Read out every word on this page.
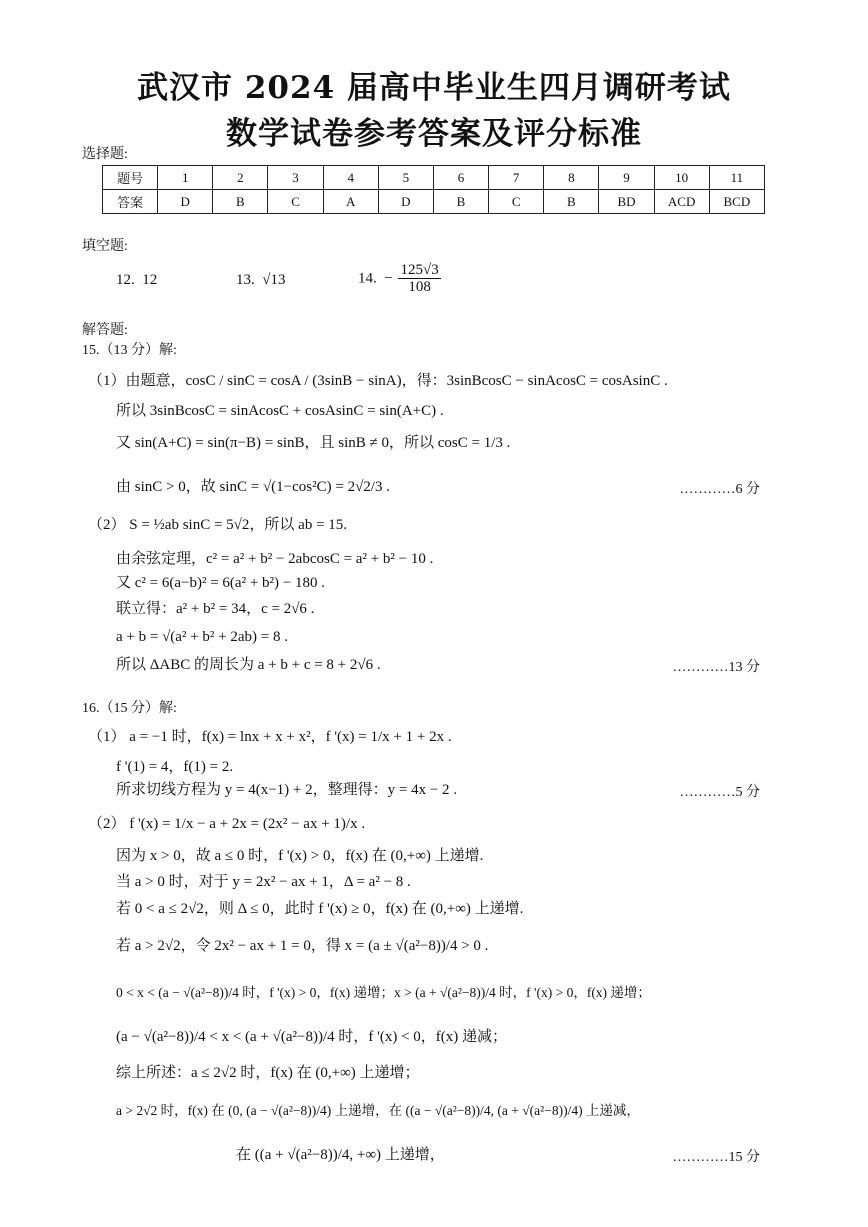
武汉市 2024 届高中毕业生四月调研考试
数学试卷参考答案及评分标准
选择题:
题号	1	2	3	4	5	6	7	8	9	10	11
答案	D	B	C	A	D	B	C	B	BD	ACD	BCD
填空题:
12. 12	13. √13	14. − $\frac{125√3}{108}$
解答题:
15.（13 分）解:
（1）由题意，cosC / sinC = cosA / (3sinB − sinA)，得：3sinBcosC − sinAcosC = cosAsinC .
所以 3sinBcosC = sinAcosC + cosAsinC = sin(A+C) .
又 sin(A+C) = sin(π−B) = sinB，且 sinB ≠ 0，所以 cosC = 1/3 .
由 sinC > 0，故 sinC = √(1−cos²C) = 2√2/3 .	…………6 分
（2） S = ½ab sinC = 5√2，所以 ab = 15.
由余弦定理，c² = a² + b² − 2abcosC = a² + b² − 10 .
又 c² = 6(a−b)² = 6(a² + b²) − 180 .
联立得：a² + b² = 34，c = 2√6 .
a + b = √(a² + b² + 2ab) = 8 .
所以 ΔABC 的周长为 a + b + c = 8 + 2√6 .	…………13 分
16.（15 分）解:
（1） a = −1 时，f(x) = lnx + x + x²，f '(x) = 1/x + 1 + 2x .
f '(1) = 4，f(1) = 2.
所求切线方程为 y = 4(x−1) + 2，整理得：y = 4x − 2 .	…………5 分
（2） f '(x) = 1/x − a + 2x = (2x² − ax + 1)/x .
因为 x > 0，故 a ≤ 0 时，f '(x) > 0，f(x) 在 (0,+∞) 上递增.
当 a > 0 时，对于 y = 2x² − ax + 1，Δ = a² − 8 .
若 0 < a ≤ 2√2，则 Δ ≤ 0，此时 f '(x) ≥ 0，f(x) 在 (0,+∞) 上递增.
若 a > 2√2，令 2x² − ax + 1 = 0，得 x = (a ± √(a²−8))/4 > 0 .
0 < x < (a − √(a²−8))/4 时，f '(x) > 0，f(x) 递增；x > (a + √(a²−8))/4 时，f '(x) > 0，f(x) 递增；
(a − √(a²−8))/4 < x < (a + √(a²−8))/4 时，f '(x) < 0，f(x) 递减；
综上所述：a ≤ 2√2 时，f(x) 在 (0,+∞) 上递增；
a > 2√2 时，f(x) 在 (0, (a − √(a²−8))/4) 上递增，在 ((a − √(a²−8))/4, (a + √(a²−8))/4) 上递减，
在 ((a + √(a²−8))/4, +∞) 上递增，	…………15 分
